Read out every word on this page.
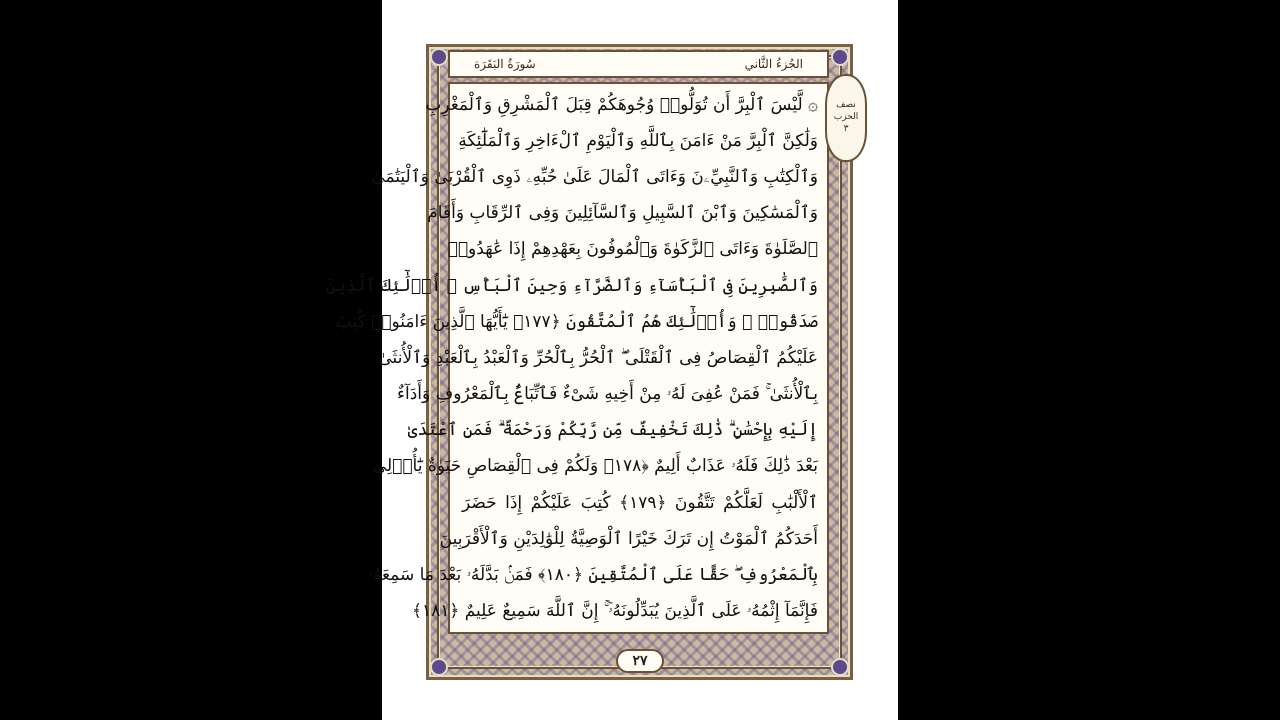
الجُزءُ الثَّاني
سُورَةُ البَقَرَة
نصف
الحزب
٣
۞ لَّيْسَ ٱلْبِرَّ أَن تُوَلُّوا۟ وُجُوهَكُمْ قِبَلَ ٱلْمَشْرِقِ وَٱلْمَغْرِبِ
وَلَٰكِنَّ ٱلْبِرَّ مَنْ ءَامَنَ بِٱللَّهِ وَٱلْيَوْمِ ٱلْءَاخِرِ وَٱلْمَلَٰٓئِكَةِ
وَٱلْكِتَٰبِ وَٱلنَّبِيِّۦنَ وَءَاتَى ٱلْمَالَ عَلَىٰ حُبِّهِۦ ذَوِى ٱلْقُرْبَىٰ وَٱلْيَتَٰمَىٰ
وَٱلْمَسَٰكِينَ وَٱبْنَ ٱلسَّبِيلِ وَٱلسَّآئِلِينَ وَفِى ٱلرِّقَابِ وَأَقَامَ
ٱلصَّلَوٰةَ وَءَاتَى ٱلزَّكَوٰةَ وَٱلْمُوفُونَ بِعَهْدِهِمْ إِذَا عَٰهَدُوا۟
وَٱلصَّٰبِرِينَ فِى ٱلْبَأْسَآءِ وَٱلضَّرَّآءِ وَحِينَ ٱلْبَأْسِ ۗ أُو۟لَٰٓئِكَ ٱلَّذِينَ
صَدَقُوا۟ ۖ وَأُو۟لَٰٓئِكَ هُمُ ٱلْمُتَّقُونَ ﴿١٧٧﴾ يَٰٓأَيُّهَا ٱلَّذِينَ ءَامَنُوا۟ كُتِبَ
عَلَيْكُمُ ٱلْقِصَاصُ فِى ٱلْقَتْلَى ۖ ٱلْحُرُّ بِٱلْحُرِّ وَٱلْعَبْدُ بِٱلْعَبْدِ وَٱلْأُنثَىٰ
بِٱلْأُنثَىٰ ۚ فَمَنْ عُفِىَ لَهُۥ مِنْ أَخِيهِ شَىْءٌ فَٱتِّبَاعٌۢ بِٱلْمَعْرُوفِ وَأَدَآءٌ
إِلَيْهِ بِإِحْسَٰنٍ ۗ ذَٰلِكَ تَخْفِيفٌ مِّن رَّبِّكُمْ وَرَحْمَةٌ ۗ فَمَنِ ٱعْتَدَىٰ
بَعْدَ ذَٰلِكَ فَلَهُۥ عَذَابٌ أَلِيمٌ ﴿١٧٨﴾ وَلَكُمْ فِى ٱلْقِصَاصِ حَيَوٰةٌ يَٰٓأُو۟لِى
ٱلْأَلْبَٰبِ لَعَلَّكُمْ تَتَّقُونَ ﴿١٧٩﴾ كُتِبَ عَلَيْكُمْ إِذَا حَضَرَ
أَحَدَكُمُ ٱلْمَوْتُ إِن تَرَكَ خَيْرًا ٱلْوَصِيَّةُ لِلْوَٰلِدَيْنِ وَٱلْأَقْرَبِينَ
بِٱلْمَعْرُوفِ ۖ حَقًّا عَلَى ٱلْمُتَّقِينَ ﴿١٨٠﴾ فَمَنۢ بَدَّلَهُۥ بَعْدَ مَا سَمِعَهُۥ
فَإِنَّمَآ إِثْمُهُۥ عَلَى ٱلَّذِينَ يُبَدِّلُونَهُۥٓ ۚ إِنَّ ٱللَّهَ سَمِيعٌ عَلِيمٌ ﴿١٨١﴾
٢٧
